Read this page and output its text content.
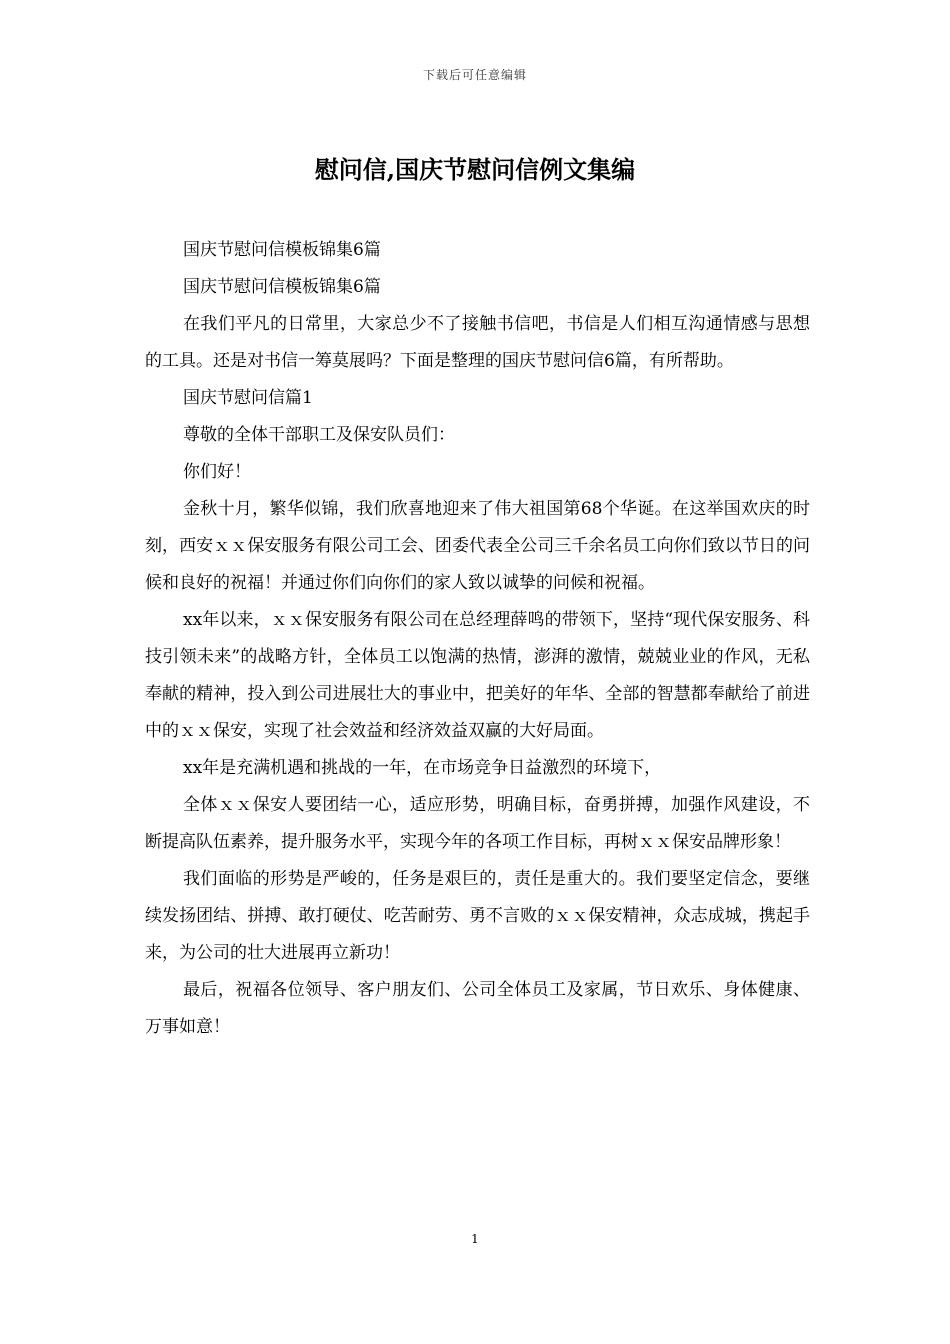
下载后可任意编辑
慰问信,国庆节慰问信例文集编

国庆节慰问信模板锦集6篇

国庆节慰问信模板锦集6篇

在我们平凡的日常里，大家总少不了接触书信吧，书信是人们相互沟通情感与思想的工具。还是对书信一筹莫展吗？下面是整理的国庆节慰问信6篇，有所帮助。

国庆节慰问信篇1

尊敬的全体干部职工及保安队员们：

你们好！

金秋十月，繁华似锦，我们欣喜地迎来了伟大祖国第68个华诞。在这举国欢庆的时刻，西安ｘｘ保安服务有限公司工会、团委代表全公司三千余名员工向你们致以节日的问候和良好的祝福！并通过你们向你们的家人致以诚挚的问候和祝福。

xx年以来，ｘｘ保安服务有限公司在总经理薛鸣的带领下，坚持“现代保安服务、科技引领未来”的战略方针，全体员工以饱满的热情，澎湃的激情，兢兢业业的作风，无私奉献的精神，投入到公司进展壮大的事业中，把美好的年华、全部的智慧都奉献给了前进中的ｘｘ保安，实现了社会效益和经济效益双赢的大好局面。

xx年是充满机遇和挑战的一年，在市场竞争日益激烈的环境下，

全体ｘｘ保安人要团结一心，适应形势，明确目标，奋勇拼搏，加强作风建设，不断提高队伍素养，提升服务水平，实现今年的各项工作目标，再树ｘｘ保安品牌形象！

我们面临的形势是严峻的，任务是艰巨的，责任是重大的。我们要坚定信念，要继续发扬团结、拼搏、敢打硬仗、吃苦耐劳、勇不言败的ｘｘ保安精神，众志成城，携起手来，为公司的壮大进展再立新功！

最后，祝福各位领导、客户朋友们、公司全体员工及家属，节日欢乐、身体健康、万事如意！

1
